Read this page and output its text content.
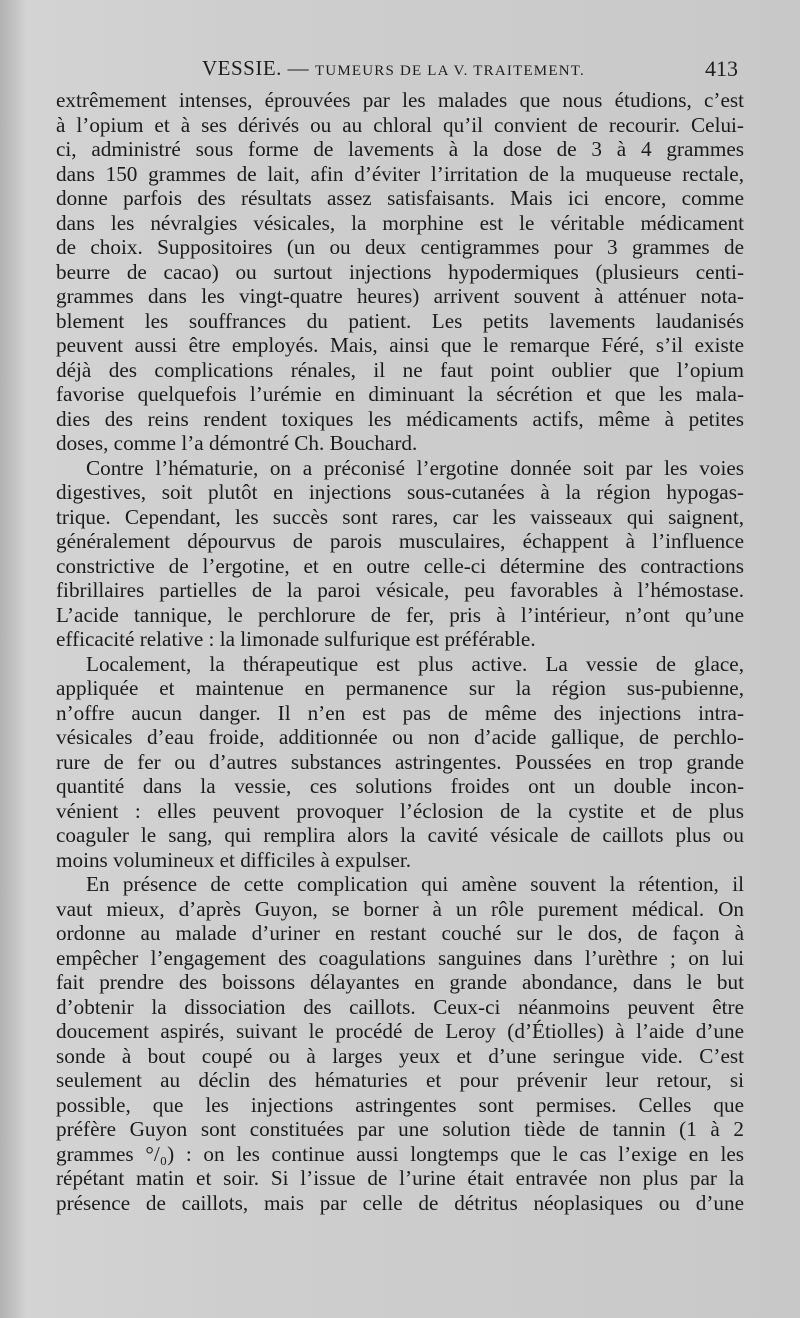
VESSIE. — TUMEURS DE LA V. TRAITEMENT.	413
extrêmement intenses, éprouvées par les malades que nous étudions, c’est
à l’opium et à ses dérivés ou au chloral qu’il convient de recourir. Celui-
ci, administré sous forme de lavements à la dose de 3 à 4 grammes
dans 150 grammes de lait, afin d’éviter l’irritation de la muqueuse rectale,
donne parfois des résultats assez satisfaisants. Mais ici encore, comme
dans les névralgies vésicales, la morphine est le véritable médicament
de choix. Suppositoires (un ou deux centigrammes pour 3 grammes de
beurre de cacao) ou surtout injections hypodermiques (plusieurs centi-
grammes dans les vingt-quatre heures) arrivent souvent à atténuer nota-
blement les souffrances du patient. Les petits lavements laudanisés
peuvent aussi être employés. Mais, ainsi que le remarque Féré, s’il existe
déjà des complications rénales, il ne faut point oublier que l’opium
favorise quelquefois l’urémie en diminuant la sécrétion et que les mala-
dies des reins rendent toxiques les médicaments actifs, même à petites
doses, comme l’a démontré Ch. Bouchard.
Contre l’hématurie, on a préconisé l’ergotine donnée soit par les voies
digestives, soit plutôt en injections sous-cutanées à la région hypogas-
trique. Cependant, les succès sont rares, car les vaisseaux qui saignent,
généralement dépourvus de parois musculaires, échappent à l’influence
constrictive de l’ergotine, et en outre celle-ci détermine des contractions
fibrillaires partielles de la paroi vésicale, peu favorables à l’hémostase.
L’acide tannique, le perchlorure de fer, pris à l’intérieur, n’ont qu’une
efficacité relative : la limonade sulfurique est préférable.
Localement, la thérapeutique est plus active. La vessie de glace,
appliquée et maintenue en permanence sur la région sus-pubienne,
n’offre aucun danger. Il n’en est pas de même des injections intra-
vésicales d’eau froide, additionnée ou non d’acide gallique, de perchlo-
rure de fer ou d’autres substances astringentes. Poussées en trop grande
quantité dans la vessie, ces solutions froides ont un double incon-
vénient : elles peuvent provoquer l’éclosion de la cystite et de plus
coaguler le sang, qui remplira alors la cavité vésicale de caillots plus ou
moins volumineux et difficiles à expulser.
En présence de cette complication qui amène souvent la rétention, il
vaut mieux, d’après Guyon, se borner à un rôle purement médical. On
ordonne au malade d’uriner en restant couché sur le dos, de façon à
empêcher l’engagement des coagulations sanguines dans l’urèthre ; on lui
fait prendre des boissons délayantes en grande abondance, dans le but
d’obtenir la dissociation des caillots. Ceux-ci néanmoins peuvent être
doucement aspirés, suivant le procédé de Leroy (d’Étiolles) à l’aide d’une
sonde à bout coupé ou à larges yeux et d’une seringue vide. C’est
seulement au déclin des hématuries et pour prévenir leur retour, si
possible, que les injections astringentes sont permises. Celles que
préfère Guyon sont constituées par une solution tiède de tannin (1 à 2
grammes °/₀) : on les continue aussi longtemps que le cas l’exige en les
répétant matin et soir. Si l’issue de l’urine était entravée non plus par la
présence de caillots, mais par celle de détritus néoplasiques ou d’une
